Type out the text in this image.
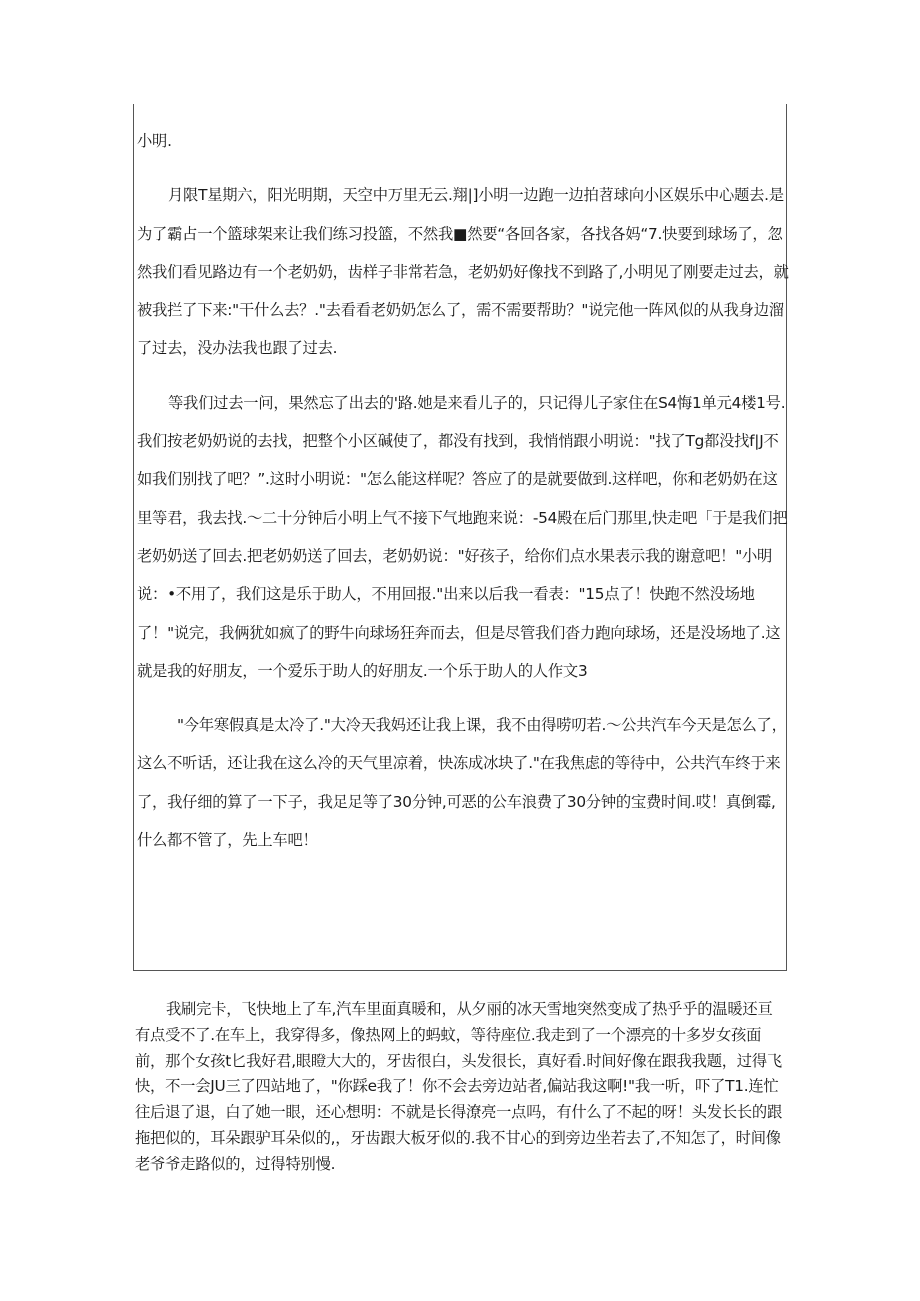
小明.

月限T星期六，阳光明期，天空中万里无云.翔|]小明一边跑一边拍苕球向小区娱乐中心题去.是为了霸占一个篮球架来让我们练习投篮，不然我■然要“各回各家，各找各妈“7.快要到球场了，忽然我们看见路边有一个老奶奶，齿样子非常若急，老奶奶好像找不到路了,小明见了刚要走过去，就被我拦了下来:"干什么去？."去看看老奶奶怎么了，需不需要帮助？"说完他一阵风似的从我身边溜了过去，没办法我也跟了过去.

等我们过去一问，果然忘了出去的'路.她是来看儿子的，只记得儿子家住在S4悔1单元4楼1号.我们按老奶奶说的去找，把整个小区碱使了，都没有找到，我悄悄跟小明说："找了Tg都没找f|J不如我们别找了吧？”.这时小明说："怎么能这样呢？答应了的是就要做到.这样吧，你和老奶奶在这里等君，我去找.〜二十分钟后小明上气不接下气地跑来说：-54殿在后门那里,快走吧「于是我们把老奶奶送了回去.把老奶奶送了回去，老奶奶说："好孩子，给你们点水果表示我的谢意吧！"小明说：•不用了，我们这是乐于助人，不用回报."出来以后我一看表："15点了！快跑不然没场地了！"说完，我俩犹如疯了的野牛向球场狂奔而去，但是尽管我们沓力跑向球场，还是没场地了.这就是我的好朋友，一个爱乐于助人的好朋友.一个乐于助人的人作文3

"今年寒假真是太冷了."大冷天我妈还让我上课，我不由得唠叨若.〜公共汽车今天是怎么了，这么不听话，还让我在这么冷的天气里凉着，快冻成冰块了."在我焦虑的等待中，公共汽车终于来了，我仔细的算了一下子，我足足等了30分钟,可恶的公车浪费了30分钟的宝费时间.哎！真倒霉,什么都不管了，先上车吧！

我刷完卡，飞快地上了车,汽车里面真暖和，从夕丽的冰天雪地突然变成了热乎乎的温暖还亘有点受不了.在车上，我穿得多，像热网上的蚂蚊，等待座位.我走到了一个漂亮的十多岁女孩面前，那个女孩t匕我好君,眼瞪大大的，牙齿很白，头发很长，真好看.时间好像在跟我我题，过得飞快，不一会JU三了四站地了，"你踩e我了！你不会去旁边站者,偏站我这啊!"我一听，吓了T1.连忙往后退了退，白了她一眼，还心想明：不就是长得潦亮一点吗，有什么了不起的呀！头发长长的跟拖把似的，耳朵跟驴耳朵似的,，牙齿跟大板牙似的.我不甘心的到旁边坐若去了,不知怎了，时间像老爷爷走路似的，过得特别慢.
